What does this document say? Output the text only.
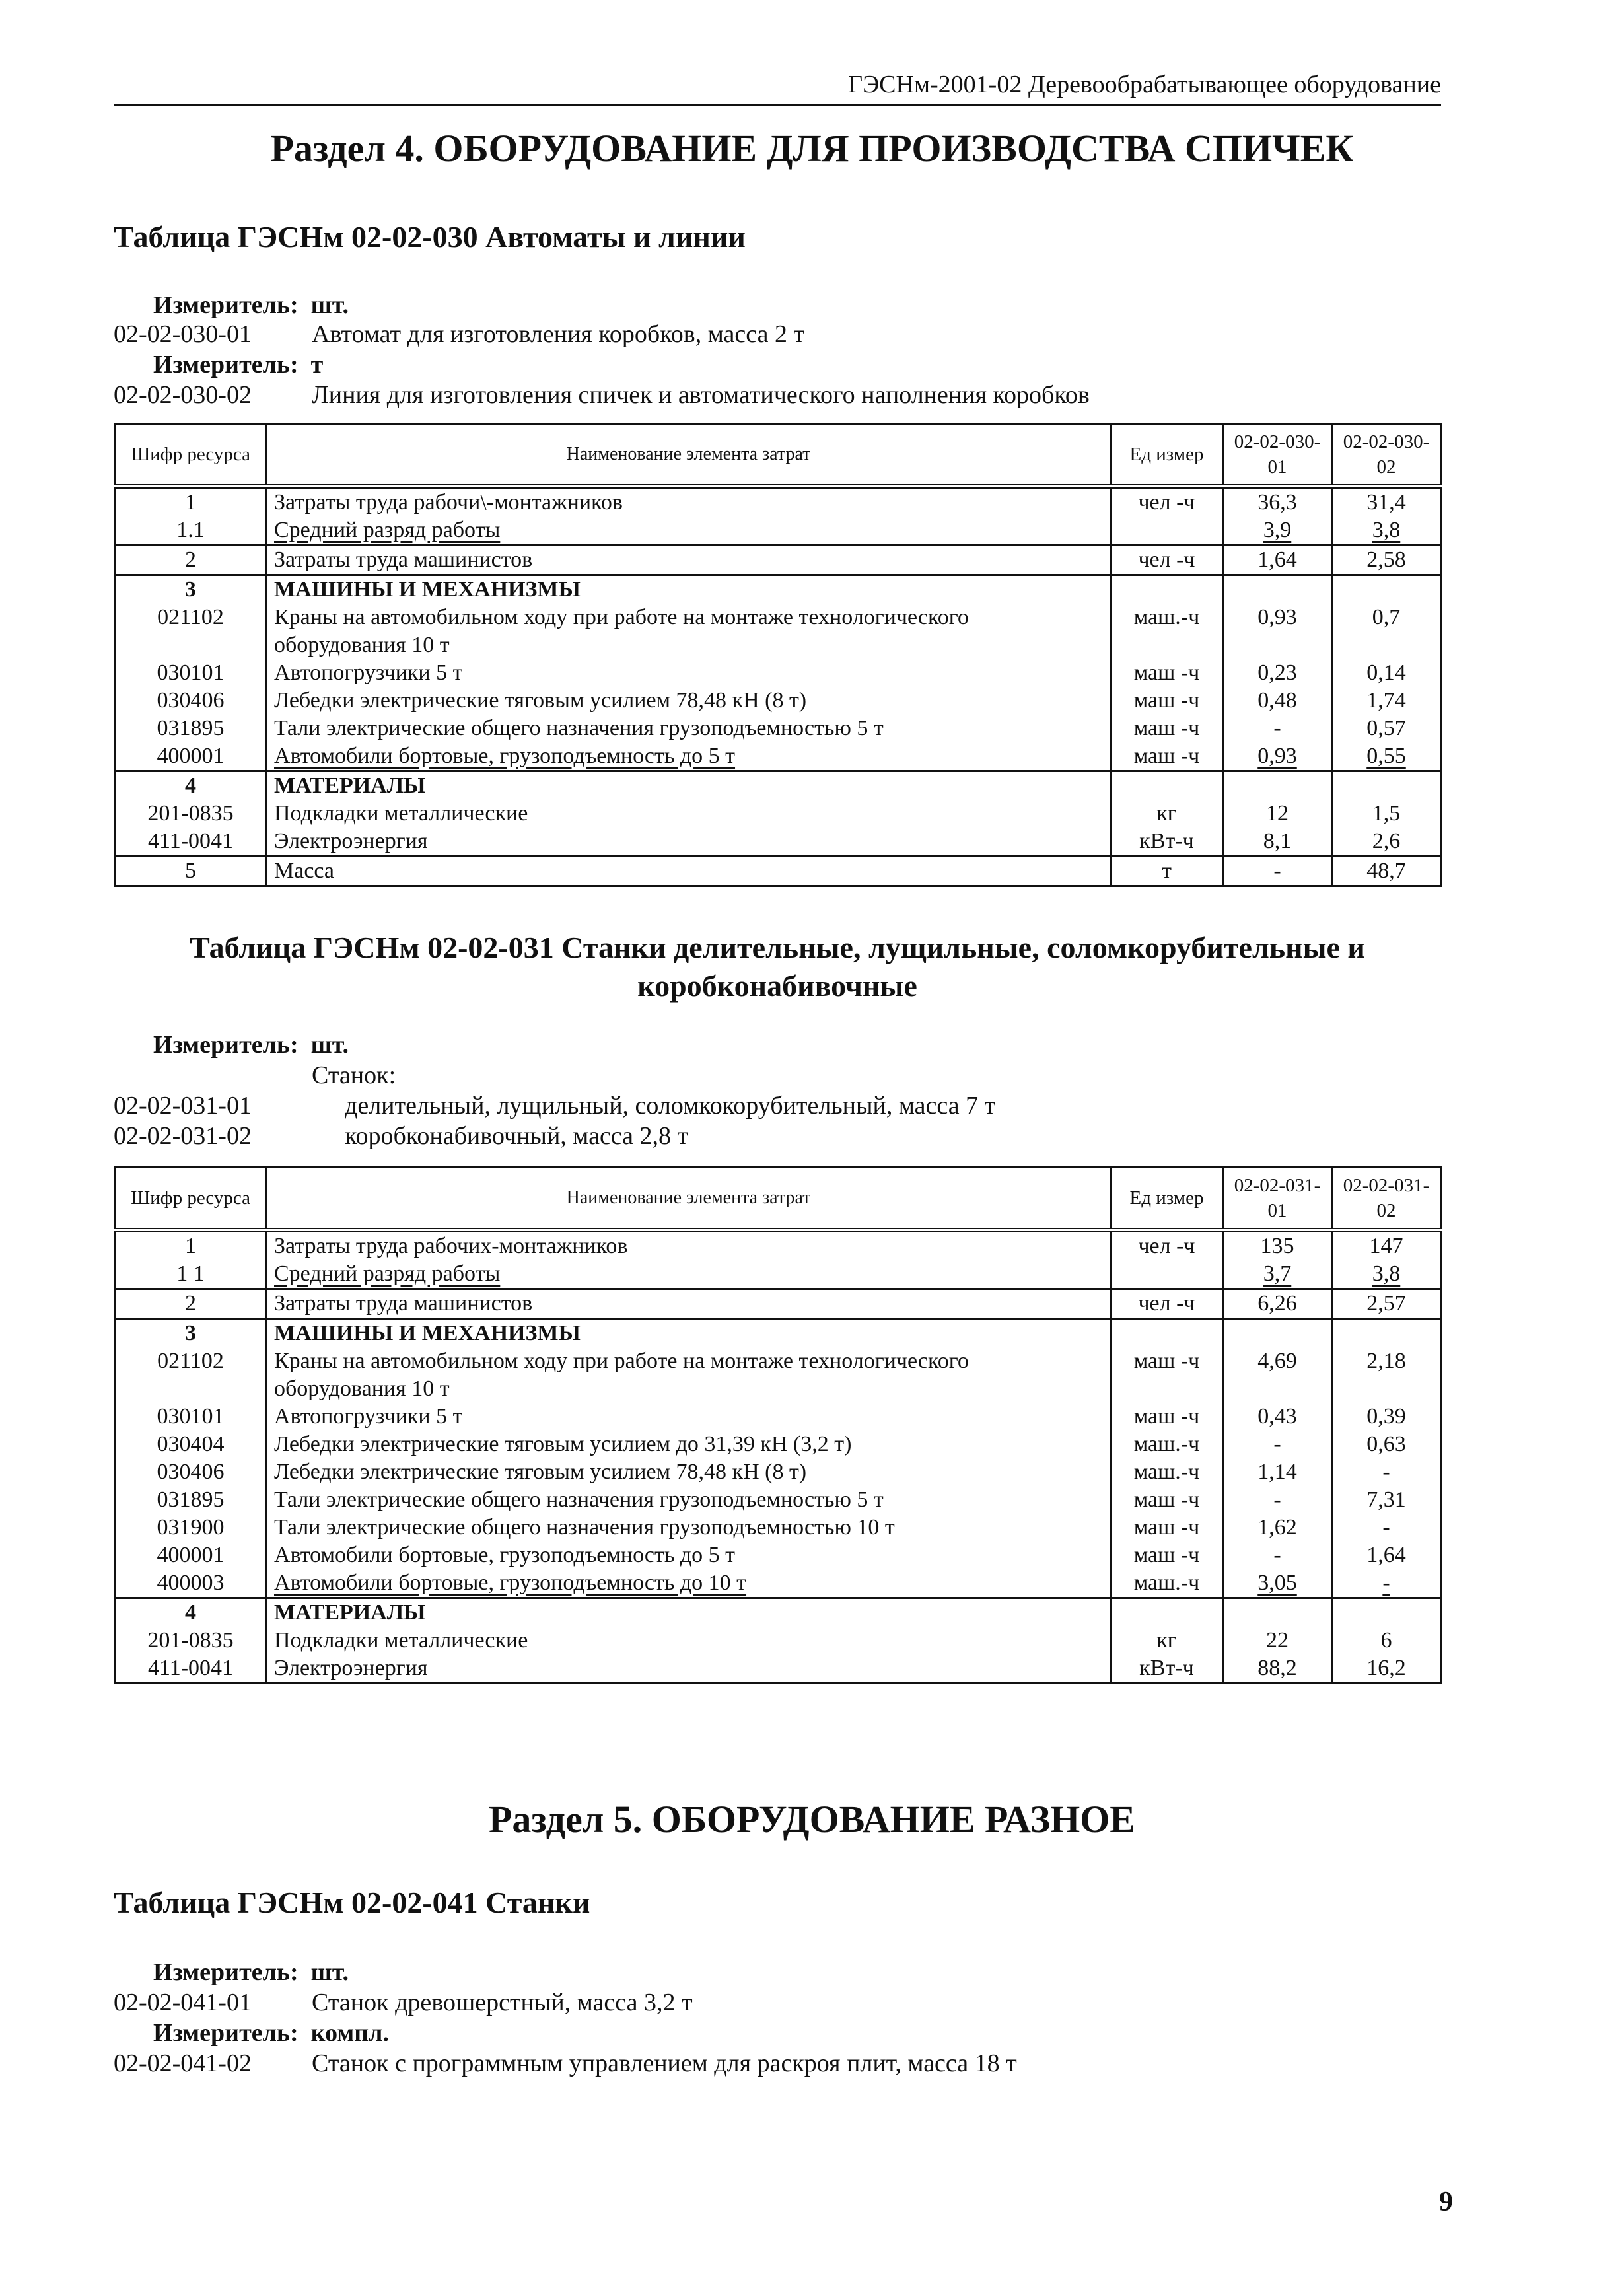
ГЭСНм-2001-02 Деревообрабатывающее оборудование
Раздел 4. ОБОРУДОВАНИЕ ДЛЯ ПРОИЗВОДСТВА СПИЧЕК
Таблица ГЭСНм 02-02-030 Автоматы и линии
Измеритель: шт.
02-02-030-01 Автомат для изготовления коробков, масса 2 т
Измеритель: т
02-02-030-02 Линия для изготовления спичек и автоматического наполнения коробков
Шифр ресурса	Наименование элемента затрат	Ед измер	02-02-030-01	02-02-030-02
1	Затраты труда рабочи\-монтажников	чел -ч	36,3	31,4
1.1	Средний разряд работы		3,9	3,8
2	Затраты труда машинистов	чел -ч	1,64	2,58
3	МАШИНЫ И МЕХАНИЗМЫ			
021102	Краны на автомобильном ходу при работе на монтаже технологического оборудования 10 т	маш.-ч	0,93	0,7
030101	Автопогрузчики 5 т	маш -ч	0,23	0,14
030406	Лебедки электрические тяговым усилием 78,48 кН (8 т)	маш -ч	0,48	1,74
031895	Тали электрические общего назначения грузоподъемностью 5 т	маш -ч	-	0,57
400001	Автомобили бортовые, грузоподъемность до 5 т	маш -ч	0,93	0,55
4	МАТЕРИАЛЫ			
201-0835	Подкладки металлические	кг	12	1,5
411-0041	Электроэнергия	кВт-ч	8,1	2,6
5	Масса	т	-	48,7
Таблица ГЭСНм 02-02-031 Станки делительные, лущильные, соломкорубительные и
коробконабивочные
Измеритель: шт.
Станок:
02-02-031-01	делительный, лущильный, соломкокорубительный, масса 7 т
02-02-031-02	коробконабивочный, масса 2,8 т
Шифр ресурса	Наименование элемента затрат	Ед измер	02-02-031-01	02-02-031-02
1	Затраты труда рабочих-монтажников	чел -ч	135	147
1 1	Средний разряд работы		3,7	3,8
2	Затраты труда машинистов	чел -ч	6,26	2,57
3	МАШИНЫ И МЕХАНИЗМЫ			
021102	Краны на автомобильном ходу при работе на монтаже технологического оборудования 10 т	маш -ч	4,69	2,18
030101	Автопогрузчики 5 т	маш -ч	0,43	0,39
030404	Лебедки электрические тяговым усилием до 31,39 кН (3,2 т)	маш.-ч	-	0,63
030406	Лебедки электрические тяговым усилием 78,48 кН (8 т)	маш.-ч	1,14	-
031895	Тали электрические общего назначения грузоподъемностью 5 т	маш -ч	-	7,31
031900	Тали электрические общего назначения грузоподъемностью 10 т	маш -ч	1,62	-
400001	Автомобили бортовые, грузоподъемность до 5 т	маш -ч	-	1,64
400003	Автомобили бортовые, грузоподъемность до 10 т	маш.-ч	3,05	-
4	МАТЕРИАЛЫ			
201-0835	Подкладки металлические	кг	22	6
411-0041	Электроэнергия	кВт-ч	88,2	16,2
Раздел 5. ОБОРУДОВАНИЕ РАЗНОЕ
Таблица ГЭСНм 02-02-041 Станки
Измеритель: шт.
02-02-041-01 Станок древошерстный, масса 3,2 т
Измеритель: компл.
02-02-041-02 Станок с программным управлением для раскроя плит, масса 18 т
9
